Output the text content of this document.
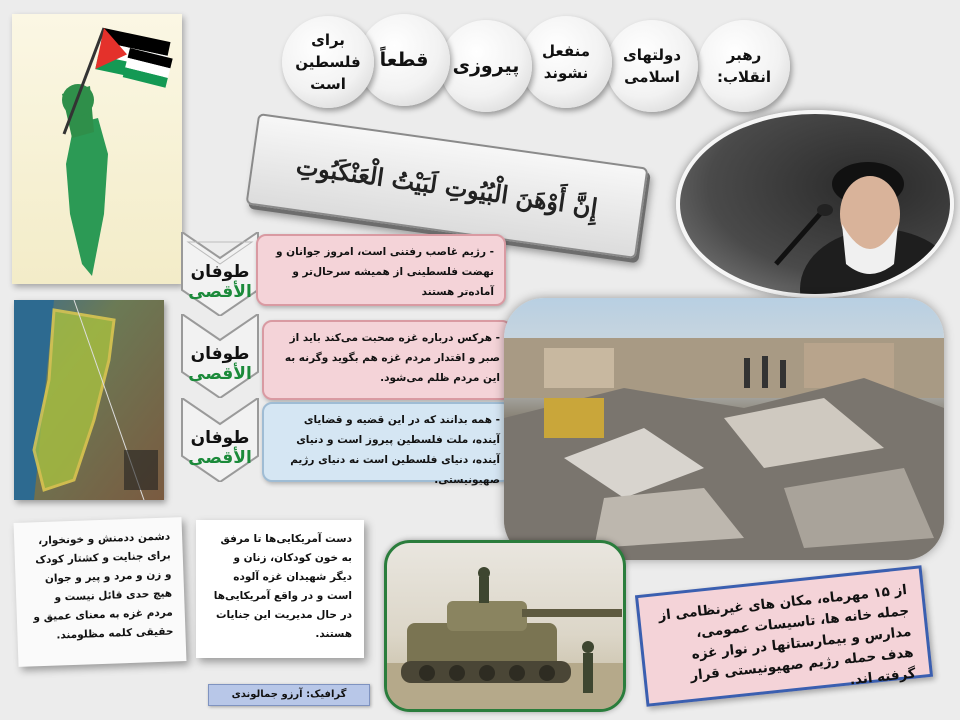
رهبر
انقلاب:
دولتهای
اسلامی
منفعل
نشوند
پیروزی
قطعاً
برای
فلسطین
است
إِنَّ أَوْهَنَ الْبُيُوتِ لَبَيْتُ الْعَنْكَبُوتِ
طوفان
الأقصی
طوفان
الأقصی
طوفان
الأقصی
- رژیم غاصب رفتنی است، امروز جوانان و نهضت فلسطینی از همیشه سرحال‌تر و آماده‌تر هستند
- هرکس درباره غزه صحبت می‌کند باید از صبر و اقتدار مردم غزه هم بگوید وگرنه به این مردم ظلم می‌شود.
- همه بدانند که در این قضیه و قضایای آینده، ملت فلسطین پیروز است و دنیای آینده، دنیای فلسطین است نه دنیای رژیم صهیونیستی.
دشمن ددمنش و خونخوار، برای جنایت و کشتار کودک و زن و مرد و پیر و جوان هیچ حدی قائل نیست و مردم غزه به معنای عمیق و حقیقی کلمه مظلومند.
دست آمریکایی‌ها تا مرفق به خون کودکان، زنان و دیگر شهیدان غزه آلوده است و در واقع آمریکایی‌ها در حال مدیریت این جنایات هستند.
گرافیک: آرزو جمالوندی
از ۱۵ مهرماه، مکان های غیرنظامی از جمله خانه ها، تاسیسات عمومی، مدارس و بیمارستانها در نوار غزه هدف حمله رژیم صهیونیستی قرار گرفته اند.
